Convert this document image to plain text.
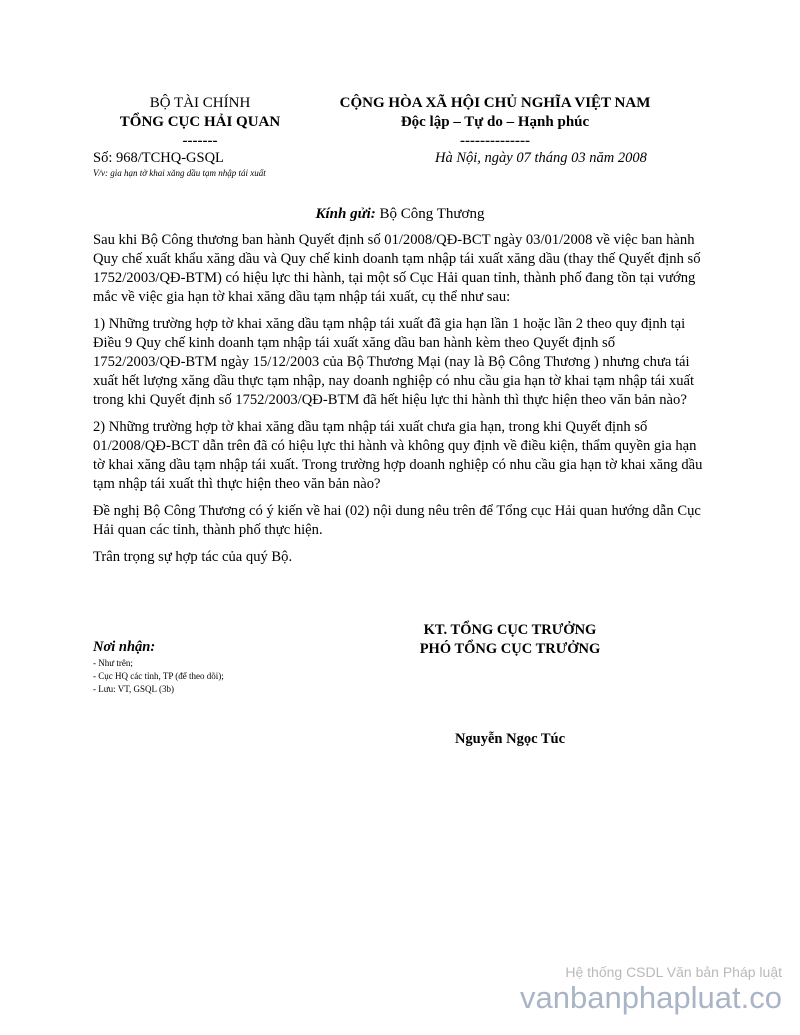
BỘ TÀI CHÍNH
TỔNG CỤC HẢI QUAN
-------
CỘNG HÒA XÃ HỘI CHỦ NGHĨA VIỆT NAM
Độc lập – Tự do – Hạnh phúc
--------------
Số: 968/TCHQ-GSQL
V/v: gia hạn tờ khai xăng dầu tạm nhập tái xuất
Hà Nội, ngày 07 tháng 03 năm 2008
Kính gửi: Bộ Công Thương

Sau khi Bộ Công thương ban hành Quyết định số 01/2008/QĐ-BCT ngày 03/01/2008 về việc ban hành Quy chế xuất khẩu xăng dầu và Quy chế kinh doanh tạm nhập tái xuất xăng dầu (thay thế Quyết định số 1752/2003/QĐ-BTM) có hiệu lực thi hành, tại một số Cục Hải quan tỉnh, thành phố đang tồn tại vướng mắc về việc gia hạn tờ khai xăng dầu tạm nhập tái xuất, cụ thể như sau:

1) Những trường hợp tờ khai xăng dầu tạm nhập tái xuất đã gia hạn lần 1 hoặc lần 2 theo quy định tại Điều 9 Quy chế kinh doanh tạm nhập tái xuất xăng dầu ban hành kèm theo Quyết định số 1752/2003/QĐ-BTM ngày 15/12/2003 của Bộ Thương Mại (nay là Bộ Công Thương ) nhưng chưa tái xuất hết lượng xăng dầu thực tạm nhập, nay doanh nghiệp có nhu cầu gia hạn tờ khai tạm nhập tái xuất trong khi Quyết định số 1752/2003/QĐ-BTM đã hết hiệu lực thi hành thì thực hiện theo văn bản nào?

2) Những trường hợp tờ khai xăng dầu tạm nhập tái xuất chưa gia hạn, trong khi Quyết định số 01/2008/QĐ-BCT dẫn trên đã có hiệu lực thi hành và không quy định về điều kiện, thẩm quyền gia hạn tờ khai xăng dầu tạm nhập tái xuất. Trong trường hợp doanh nghiệp có nhu cầu gia hạn tờ khai xăng dầu tạm nhập tái xuất thì thực hiện theo văn bản nào?

Đề nghị Bộ Công Thương có ý kiến về hai (02) nội dung nêu trên để Tổng cục Hải quan hướng dẫn Cục Hải quan các tỉnh, thành phố thực hiện.

Trân trọng sự hợp tác của quý Bộ.

KT. TỔNG CỤC TRƯỞNG
PHÓ TỔNG CỤC TRƯỞNG
Nguyễn Ngọc Túc
Nơi nhận:
- Như trên;
- Cục HQ các tỉnh, TP (để theo dõi);
- Lưu: VT, GSQL (3b)
Hệ thống CSDL Văn bản Pháp luật
vanbanphapluat.co
